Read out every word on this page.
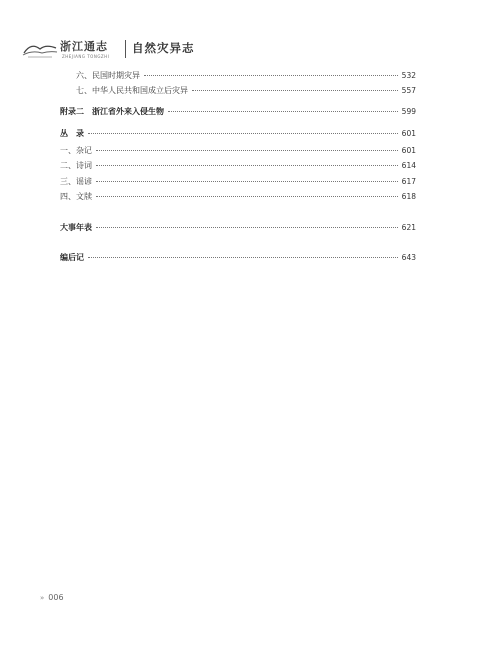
浙江通志
ZHEJIANG TONGZHI
自然灾异志
六、民国时期灾异	532
七、中华人民共和国成立后灾异	557
附录二　浙江省外来入侵生物	599
丛　录	601
一、杂记	601
二、诗词	614
三、谣谚	617
四、文牍	618
大事年表	621
编后记	643
» 006
